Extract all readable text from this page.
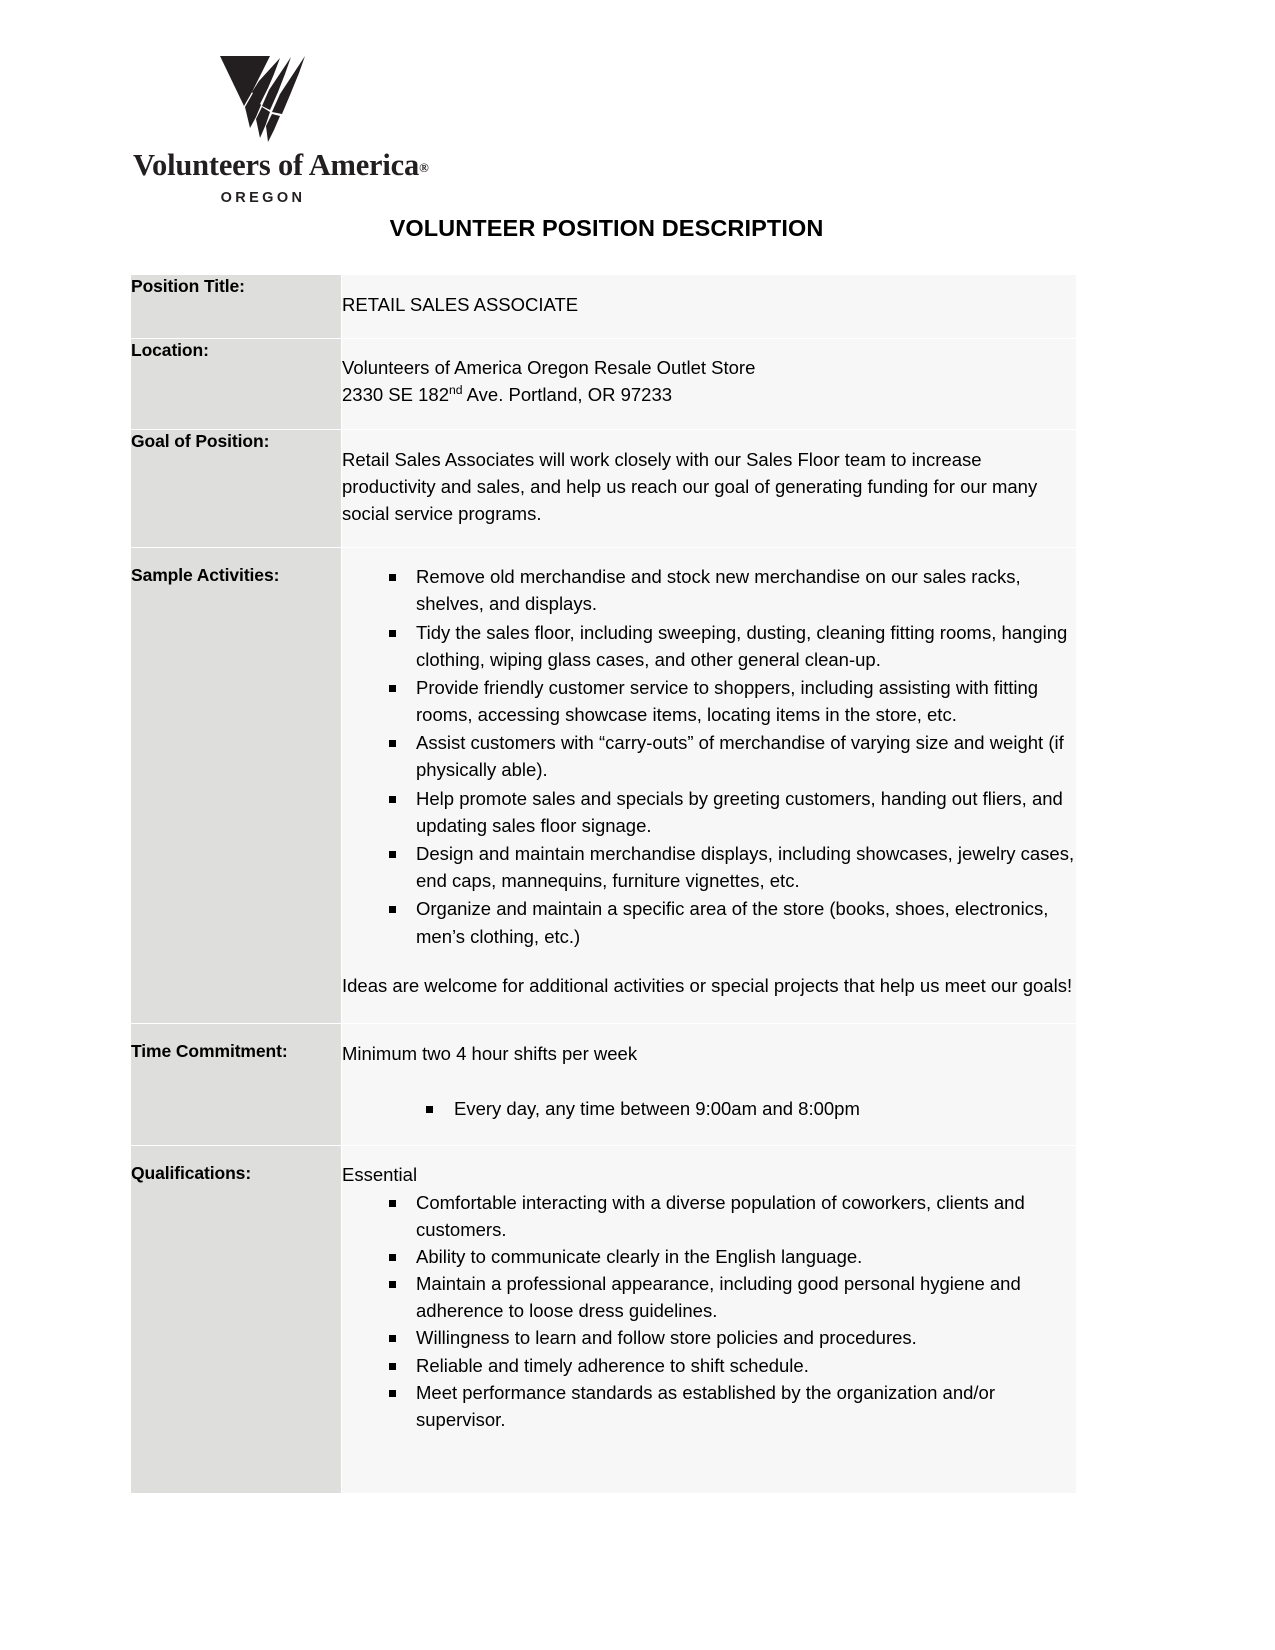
Volunteers of America®
OREGON
VOLUNTEER POSITION DESCRIPTION
Position Title:	RETAIL SALES ASSOCIATE

Location:	Volunteers of America Oregon Resale Outlet Store

2330 SE 182nd Ave. Portland, OR 97233

Goal of Position:	Retail Sales Associates will work closely with our Sales Floor team to increase productivity and sales, and help us reach our goal of generating funding for our many social service programs.

Sample Activities:	Remove old merchandise and stock new merchandise on our sales racks, shelves, and displays.
Tidy the sales floor, including sweeping, dusting, cleaning fitting rooms, hanging clothing, wiping glass cases, and other general clean-up.
Provide friendly customer service to shoppers, including assisting with fitting rooms, accessing showcase items, locating items in the store, etc.
Assist customers with “carry-outs” of merchandise of varying size and weight (if physically able).
Help promote sales and specials by greeting customers, handing out fliers, and updating sales floor signage.
Design and maintain merchandise displays, including showcases, jewelry cases, end caps, mannequins, furniture vignettes, etc.
Organize and maintain a specific area of the store (books, shoes, electronics, men’s clothing, etc.)

Ideas are welcome for additional activities or special projects that help us meet our goals!

Time Commitment:	Minimum two 4 hour shifts per week

Every day, any time between 9:00am and 8:00pm

Qualifications:	Essential

Comfortable interacting with a diverse population of coworkers, clients and customers.
Ability to communicate clearly in the English language.
Maintain a professional appearance, including good personal hygiene and adherence to loose dress guidelines.
Willingness to learn and follow store policies and procedures.
Reliable and timely adherence to shift schedule.
Meet performance standards as established by the organization and/or supervisor.
